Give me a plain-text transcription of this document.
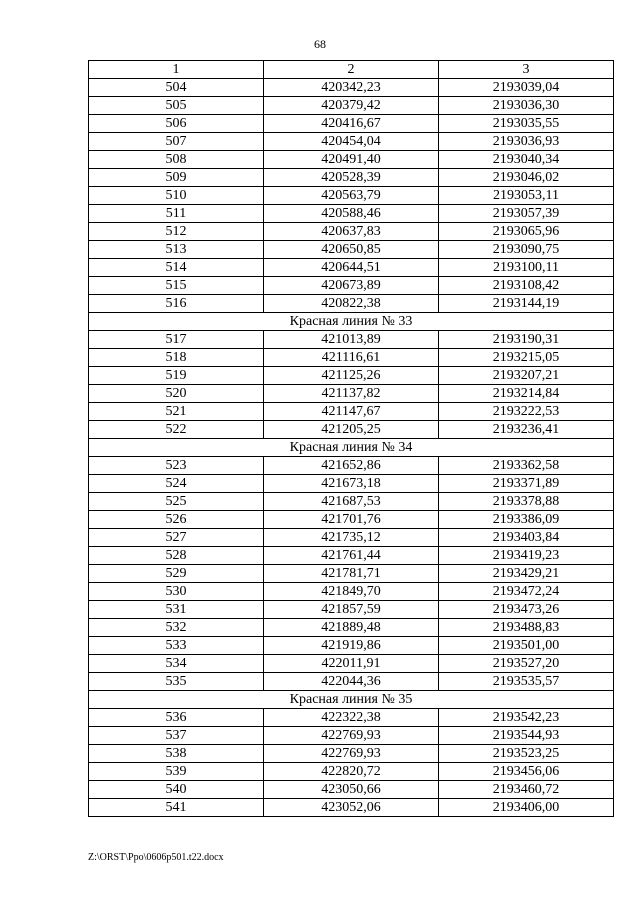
68
1	2	3
504	420342,23	2193039,04
505	420379,42	2193036,30
506	420416,67	2193035,55
507	420454,04	2193036,93
508	420491,40	2193040,34
509	420528,39	2193046,02
510	420563,79	2193053,11
511	420588,46	2193057,39
512	420637,83	2193065,96
513	420650,85	2193090,75
514	420644,51	2193100,11
515	420673,89	2193108,42
516	420822,38	2193144,19
Красная линия № 33		
517	421013,89	2193190,31
518	421116,61	2193215,05
519	421125,26	2193207,21
520	421137,82	2193214,84
521	421147,67	2193222,53
522	421205,25	2193236,41
Красная линия № 34		
523	421652,86	2193362,58
524	421673,18	2193371,89
525	421687,53	2193378,88
526	421701,76	2193386,09
527	421735,12	2193403,84
528	421761,44	2193419,23
529	421781,71	2193429,21
530	421849,70	2193472,24
531	421857,59	2193473,26
532	421889,48	2193488,83
533	421919,86	2193501,00
534	422011,91	2193527,20
535	422044,36	2193535,57
Красная линия № 35		
536	422322,38	2193542,23
537	422769,93	2193544,93
538	422769,93	2193523,25
539	422820,72	2193456,06
540	423050,66	2193460,72
541	423052,06	2193406,00
Z:\ORST\Ppo\0606p501.t22.docx
